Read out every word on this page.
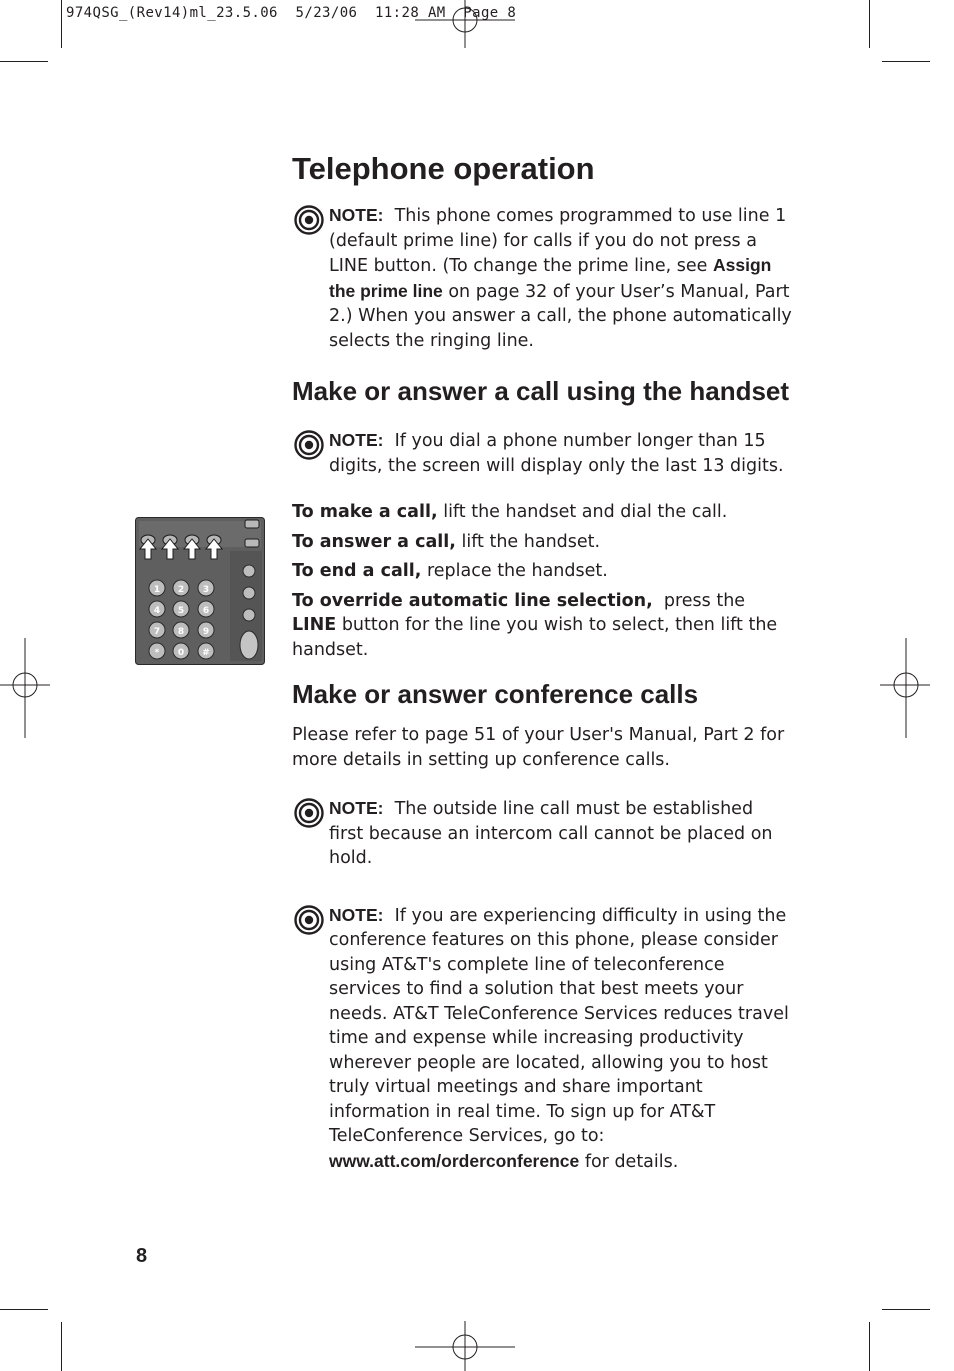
974QSG_(Rev14)ml_23.5.06  5/23/06  11:28 AM  Page 8
1 2 3
4 5 6
7 8 9
* 0 #
Telephone operation
NOTE: This phone comes programmed to use line 1 (default prime line) for calls if you do not press a LINE button. (To change the prime line, see Assign the prime line on page 32 of your User’s Manual, Part 2.) When you answer a call, the phone automatically selects the ringing line.
Make or answer a call using the handset
NOTE: If you dial a phone number longer than 15 digits, the screen will display only the last 13 digits.

To make a call, lift the handset and dial the call.

To answer a call, lift the handset.

To end a call, replace the handset.

To override automatic line selection,  press the LINE button for the line you wish to select, then lift the handset.

Make or answer conference calls
Please refer to page 51 of your User's Manual, Part 2 for more details in setting up conference calls.
NOTE: The outside line call must be established first because an intercom call cannot be placed on hold.
NOTE: If you are experiencing difficulty in using the conference features on this phone, please consider using AT&T's complete line of teleconference services to find a solution that best meets your needs. AT&T TeleConference Services reduces travel time and expense while increasing productivity wherever people are located, allowing you to host truly virtual meetings and share important information in real time. To sign up for AT&T TeleConference Services, go to: www.att.com/orderconference for details.
8
